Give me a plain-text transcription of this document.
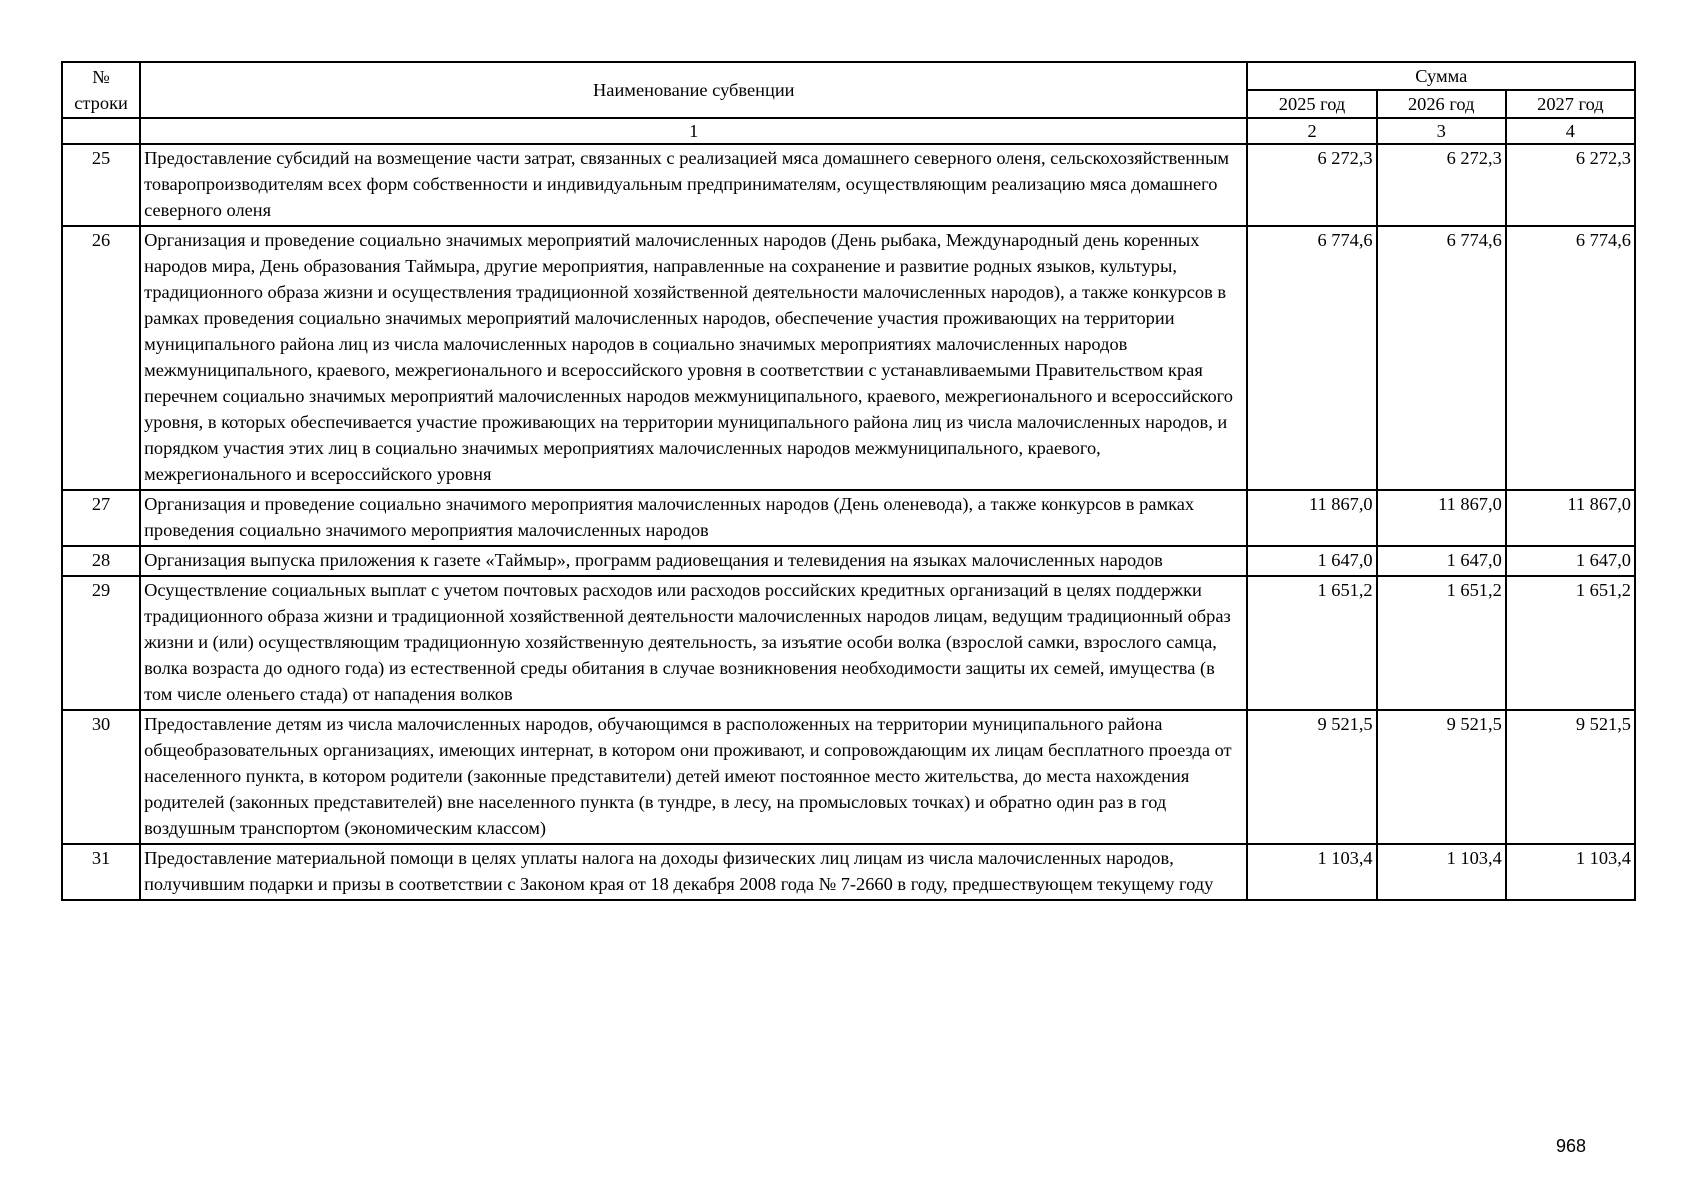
№
строки	Наименование субвенции	Сумма		
		2025 год	2026 год	2027 год
	1	2	3	4
25	Предоставление субсидий на возмещение части затрат, связанных с реализацией мяса домашнего северного оленя, сельскохозяйственным товаропроизводителям всех форм собственности и индивидуальным предпринимателям, осуществляющим реализацию мяса домашнего северного оленя	6 272,3	6 272,3	6 272,3
26	Организация и проведение социально значимых мероприятий малочисленных народов (День рыбака, Международный день коренных народов мира, День образования Таймыра, другие мероприятия, направленные на сохранение и развитие родных языков, культуры, традиционного образа жизни и осуществления традиционной хозяйственной деятельности малочисленных народов), а также конкурсов в рамках проведения социально значимых мероприятий малочисленных народов, обеспечение участия проживающих на территории муниципального района лиц из числа малочисленных народов в социально значимых мероприятиях малочисленных народов межмуниципального, краевого, межрегионального и всероссийского уровня в соответствии с устанавливаемыми Правительством края перечнем социально значимых мероприятий малочисленных народов межмуниципального, краевого, межрегионального и всероссийского уровня, в которых обеспечивается участие проживающих на территории муниципального района лиц из числа малочисленных народов, и порядком участия этих лиц в социально значимых мероприятиях малочисленных народов межмуниципального, краевого, межрегионального и всероссийского уровня	6 774,6	6 774,6	6 774,6
27	Организация и проведение социально значимого мероприятия малочисленных народов (День оленевода), а также конкурсов в рамках проведения социально значимого мероприятия малочисленных народов	11 867,0	11 867,0	11 867,0
28	Организация выпуска приложения к газете «Таймыр», программ радиовещания и телевидения на языках малочисленных народов	1 647,0	1 647,0	1 647,0
29	Осуществление социальных выплат с учетом почтовых расходов или расходов российских кредитных организаций в целях поддержки традиционного образа жизни и традиционной хозяйственной деятельности малочисленных народов лицам, ведущим традиционный образ жизни и (или) осуществляющим традиционную хозяйственную деятельность, за изъятие особи волка (взрослой самки, взрослого самца, волка возраста до одного года) из естественной среды обитания в случае возникновения необходимости защиты их семей, имущества (в том числе оленьего стада) от нападения волков	1 651,2	1 651,2	1 651,2
30	Предоставление детям из числа малочисленных народов, обучающимся в расположенных на территории муниципального района общеобразовательных организациях, имеющих интернат, в котором они проживают, и сопровождающим их лицам бесплатного проезда от населенного пункта, в котором родители (законные представители) детей имеют постоянное место жительства, до места нахождения родителей (законных представителей) вне населенного пункта (в тундре, в лесу, на промысловых точках) и обратно один раз в год воздушным транспортом (экономическим классом)	9 521,5	9 521,5	9 521,5
31	Предоставление материальной помощи в целях уплаты налога на доходы физических лиц лицам из числа малочисленных народов, получившим подарки и призы в соответствии с Законом края от 18 декабря 2008 года № 7-2660 в году, предшествующем текущему году	1 103,4	1 103,4	1 103,4
968
